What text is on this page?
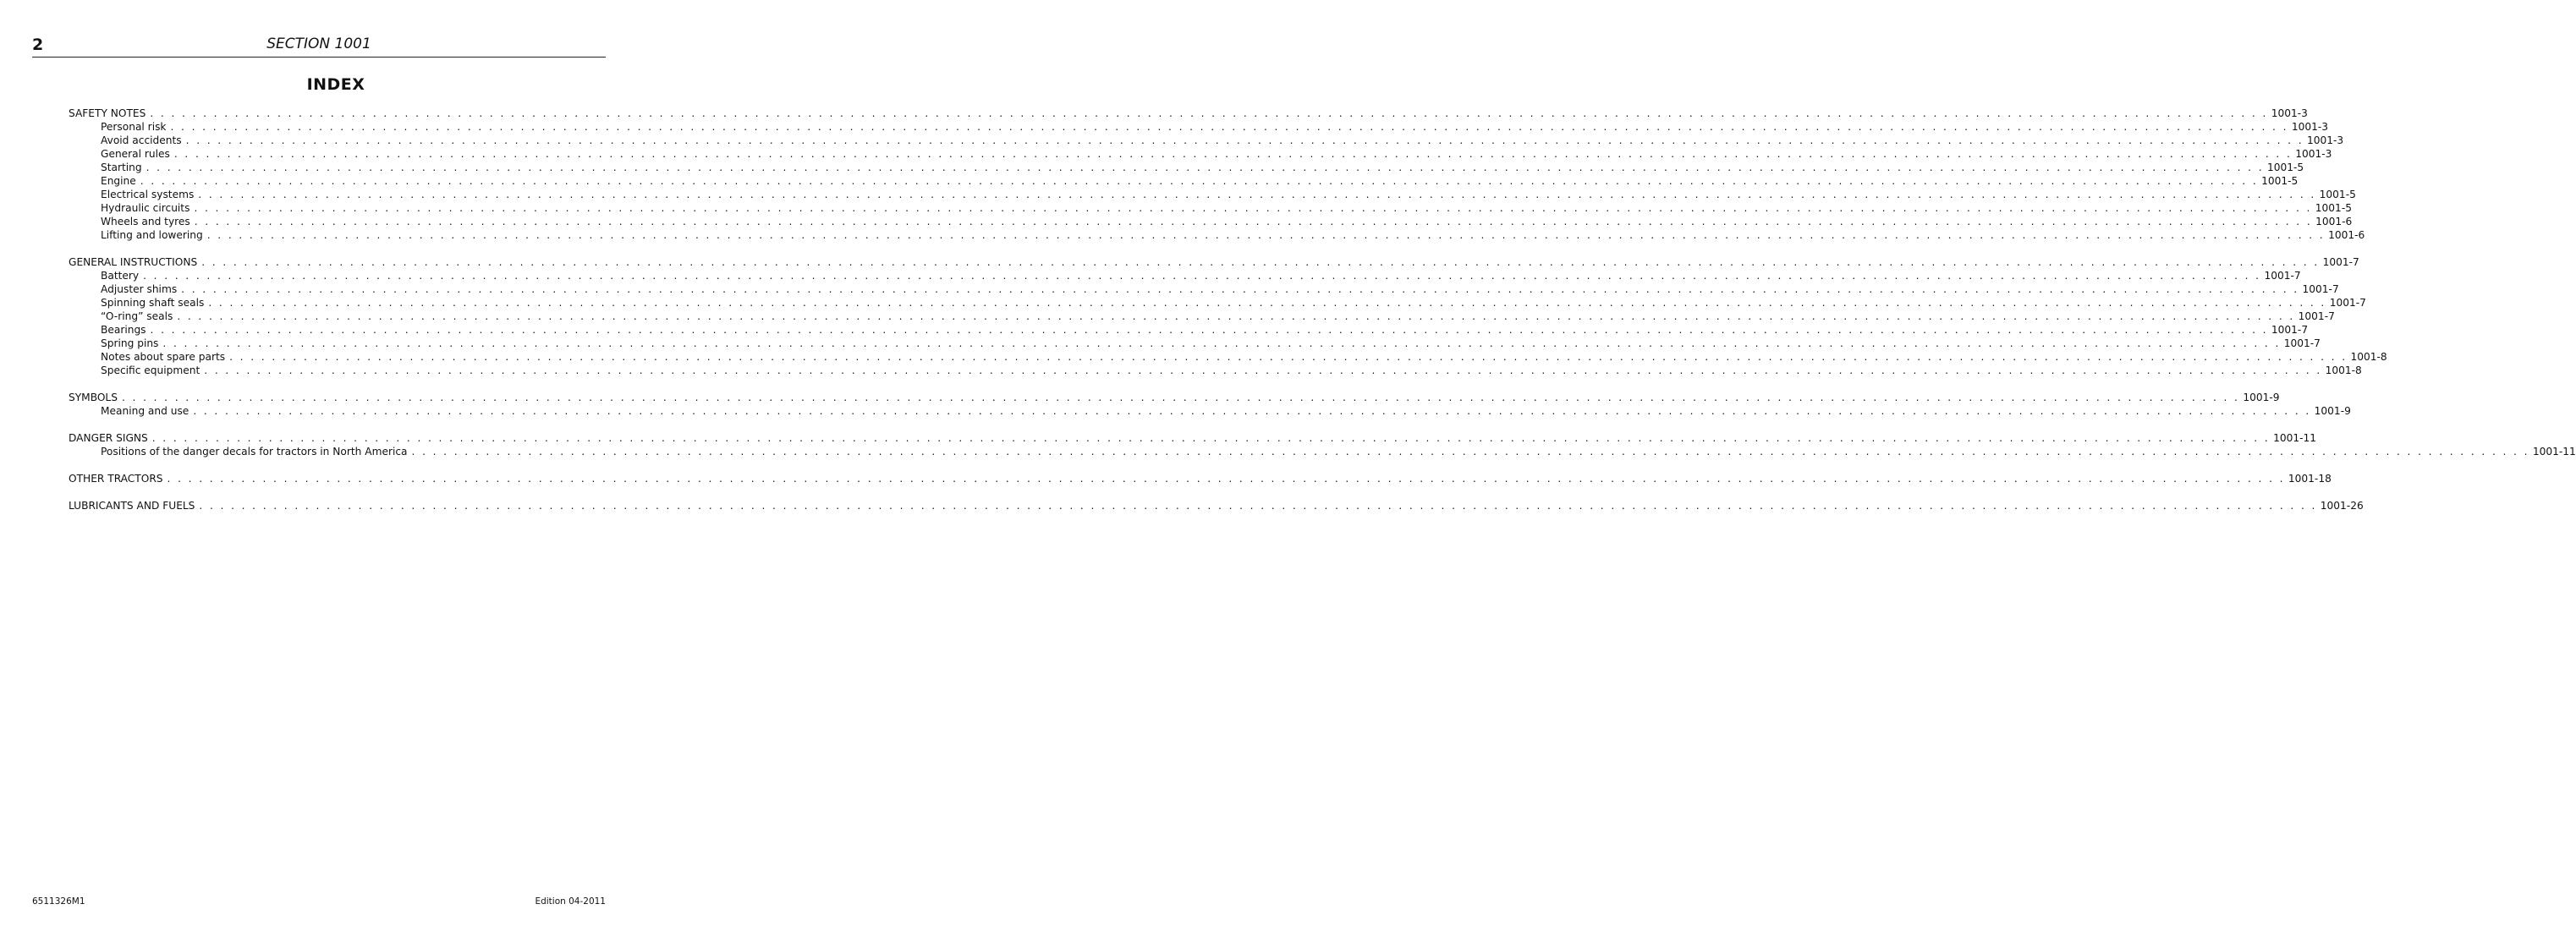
2	SECTION 1001
INDEX
SAFETY NOTES . . . . . . . . . . . . . . . . . . . . . . . . . . . . . . . . . . . . . . . . . . . . . . . . . . . . . . . . . . . . . . . . . . . . . . . . . . . . . . . . . . . . . . . . . . . . . . . . . . . . . . . . . . . . . . . . . . . . . . . . . . . . . . . . . . . . . . . . . . . . . . . . . . . . . . . . . . . . . . . . . . . . . . . . . . . . . . . . . . . . . . . . . . . . . . . . . . . . . . . . 1001-3
Personal risk . . . . . . . . . . . . . . . . . . . . . . . . . . . . . . . . . . . . . . . . . . . . . . . . . . . . . . . . . . . . . . . . . . . . . . . . . . . . . . . . . . . . . . . . . . . . . . . . . . . . . . . . . . . . . . . . . . . . . . . . . . . . . . . . . . . . . . . . . . . . . . . . . . . . . . . . . . . . . . . . . . . . . . . . . . . . . . . . . . . . . . . . . . . . . . . . . . . . . . . . 1001-3
Avoid accidents . . . . . . . . . . . . . . . . . . . . . . . . . . . . . . . . . . . . . . . . . . . . . . . . . . . . . . . . . . . . . . . . . . . . . . . . . . . . . . . . . . . . . . . . . . . . . . . . . . . . . . . . . . . . . . . . . . . . . . . . . . . . . . . . . . . . . . . . . . . . . . . . . . . . . . . . . . . . . . . . . . . . . . . . . . . . . . . . . . . . . . . . . . . . . . . . . . . . . . . . 1001-3
General rules . . . . . . . . . . . . . . . . . . . . . . . . . . . . . . . . . . . . . . . . . . . . . . . . . . . . . . . . . . . . . . . . . . . . . . . . . . . . . . . . . . . . . . . . . . . . . . . . . . . . . . . . . . . . . . . . . . . . . . . . . . . . . . . . . . . . . . . . . . . . . . . . . . . . . . . . . . . . . . . . . . . . . . . . . . . . . . . . . . . . . . . . . . . . . . . . . . . . . . . . 1001-3
Starting . . . . . . . . . . . . . . . . . . . . . . . . . . . . . . . . . . . . . . . . . . . . . . . . . . . . . . . . . . . . . . . . . . . . . . . . . . . . . . . . . . . . . . . . . . . . . . . . . . . . . . . . . . . . . . . . . . . . . . . . . . . . . . . . . . . . . . . . . . . . . . . . . . . . . . . . . . . . . . . . . . . . . . . . . . . . . . . . . . . . . . . . . . . . . . . . . . . . . . . . 1001-5
Engine . . . . . . . . . . . . . . . . . . . . . . . . . . . . . . . . . . . . . . . . . . . . . . . . . . . . . . . . . . . . . . . . . . . . . . . . . . . . . . . . . . . . . . . . . . . . . . . . . . . . . . . . . . . . . . . . . . . . . . . . . . . . . . . . . . . . . . . . . . . . . . . . . . . . . . . . . . . . . . . . . . . . . . . . . . . . . . . . . . . . . . . . . . . . . . . . . . . . . . . . 1001-5
Electrical systems . . . . . . . . . . . . . . . . . . . . . . . . . . . . . . . . . . . . . . . . . . . . . . . . . . . . . . . . . . . . . . . . . . . . . . . . . . . . . . . . . . . . . . . . . . . . . . . . . . . . . . . . . . . . . . . . . . . . . . . . . . . . . . . . . . . . . . . . . . . . . . . . . . . . . . . . . . . . . . . . . . . . . . . . . . . . . . . . . . . . . . . . . . . . . . . . . . . . . . . . 1001-5
Hydraulic circuits . . . . . . . . . . . . . . . . . . . . . . . . . . . . . . . . . . . . . . . . . . . . . . . . . . . . . . . . . . . . . . . . . . . . . . . . . . . . . . . . . . . . . . . . . . . . . . . . . . . . . . . . . . . . . . . . . . . . . . . . . . . . . . . . . . . . . . . . . . . . . . . . . . . . . . . . . . . . . . . . . . . . . . . . . . . . . . . . . . . . . . . . . . . . . . . . . . . . . . . . 1001-5
Wheels and tyres . . . . . . . . . . . . . . . . . . . . . . . . . . . . . . . . . . . . . . . . . . . . . . . . . . . . . . . . . . . . . . . . . . . . . . . . . . . . . . . . . . . . . . . . . . . . . . . . . . . . . . . . . . . . . . . . . . . . . . . . . . . . . . . . . . . . . . . . . . . . . . . . . . . . . . . . . . . . . . . . . . . . . . . . . . . . . . . . . . . . . . . . . . . . . . . . . . . . . . . . 1001-6
Lifting and lowering . . . . . . . . . . . . . . . . . . . . . . . . . . . . . . . . . . . . . . . . . . . . . . . . . . . . . . . . . . . . . . . . . . . . . . . . . . . . . . . . . . . . . . . . . . . . . . . . . . . . . . . . . . . . . . . . . . . . . . . . . . . . . . . . . . . . . . . . . . . . . . . . . . . . . . . . . . . . . . . . . . . . . . . . . . . . . . . . . . . . . . . . . . . . . . . . . . . . . . . . 1001-6
GENERAL INSTRUCTIONS . . . . . . . . . . . . . . . . . . . . . . . . . . . . . . . . . . . . . . . . . . . . . . . . . . . . . . . . . . . . . . . . . . . . . . . . . . . . . . . . . . . . . . . . . . . . . . . . . . . . . . . . . . . . . . . . . . . . . . . . . . . . . . . . . . . . . . . . . . . . . . . . . . . . . . . . . . . . . . . . . . . . . . . . . . . . . . . . . . . . . . . . . . . . . . . . . . . . . . . . 1001-7
Battery . . . . . . . . . . . . . . . . . . . . . . . . . . . . . . . . . . . . . . . . . . . . . . . . . . . . . . . . . . . . . . . . . . . . . . . . . . . . . . . . . . . . . . . . . . . . . . . . . . . . . . . . . . . . . . . . . . . . . . . . . . . . . . . . . . . . . . . . . . . . . . . . . . . . . . . . . . . . . . . . . . . . . . . . . . . . . . . . . . . . . . . . . . . . . . . . . . . . . . . . 1001-7
Adjuster shims . . . . . . . . . . . . . . . . . . . . . . . . . . . . . . . . . . . . . . . . . . . . . . . . . . . . . . . . . . . . . . . . . . . . . . . . . . . . . . . . . . . . . . . . . . . . . . . . . . . . . . . . . . . . . . . . . . . . . . . . . . . . . . . . . . . . . . . . . . . . . . . . . . . . . . . . . . . . . . . . . . . . . . . . . . . . . . . . . . . . . . . . . . . . . . . . . . . . . . . . 1001-7
Spinning shaft seals . . . . . . . . . . . . . . . . . . . . . . . . . . . . . . . . . . . . . . . . . . . . . . . . . . . . . . . . . . . . . . . . . . . . . . . . . . . . . . . . . . . . . . . . . . . . . . . . . . . . . . . . . . . . . . . . . . . . . . . . . . . . . . . . . . . . . . . . . . . . . . . . . . . . . . . . . . . . . . . . . . . . . . . . . . . . . . . . . . . . . . . . . . . . . . . . . . . . . . . . 1001-7
“O-ring” seals . . . . . . . . . . . . . . . . . . . . . . . . . . . . . . . . . . . . . . . . . . . . . . . . . . . . . . . . . . . . . . . . . . . . . . . . . . . . . . . . . . . . . . . . . . . . . . . . . . . . . . . . . . . . . . . . . . . . . . . . . . . . . . . . . . . . . . . . . . . . . . . . . . . . . . . . . . . . . . . . . . . . . . . . . . . . . . . . . . . . . . . . . . . . . . . . . . . . . . . . 1001-7
Bearings . . . . . . . . . . . . . . . . . . . . . . . . . . . . . . . . . . . . . . . . . . . . . . . . . . . . . . . . . . . . . . . . . . . . . . . . . . . . . . . . . . . . . . . . . . . . . . . . . . . . . . . . . . . . . . . . . . . . . . . . . . . . . . . . . . . . . . . . . . . . . . . . . . . . . . . . . . . . . . . . . . . . . . . . . . . . . . . . . . . . . . . . . . . . . . . . . . . . . . . . 1001-7
Spring pins . . . . . . . . . . . . . . . . . . . . . . . . . . . . . . . . . . . . . . . . . . . . . . . . . . . . . . . . . . . . . . . . . . . . . . . . . . . . . . . . . . . . . . . . . . . . . . . . . . . . . . . . . . . . . . . . . . . . . . . . . . . . . . . . . . . . . . . . . . . . . . . . . . . . . . . . . . . . . . . . . . . . . . . . . . . . . . . . . . . . . . . . . . . . . . . . . . . . . . . . 1001-7
Notes about spare parts . . . . . . . . . . . . . . . . . . . . . . . . . . . . . . . . . . . . . . . . . . . . . . . . . . . . . . . . . . . . . . . . . . . . . . . . . . . . . . . . . . . . . . . . . . . . . . . . . . . . . . . . . . . . . . . . . . . . . . . . . . . . . . . . . . . . . . . . . . . . . . . . . . . . . . . . . . . . . . . . . . . . . . . . . . . . . . . . . . . . . . . . . . . . . . . . . . . . . . . . 1001-8
Specific equipment . . . . . . . . . . . . . . . . . . . . . . . . . . . . . . . . . . . . . . . . . . . . . . . . . . . . . . . . . . . . . . . . . . . . . . . . . . . . . . . . . . . . . . . . . . . . . . . . . . . . . . . . . . . . . . . . . . . . . . . . . . . . . . . . . . . . . . . . . . . . . . . . . . . . . . . . . . . . . . . . . . . . . . . . . . . . . . . . . . . . . . . . . . . . . . . . . . . . . . . . 1001-8
SYMBOLS . . . . . . . . . . . . . . . . . . . . . . . . . . . . . . . . . . . . . . . . . . . . . . . . . . . . . . . . . . . . . . . . . . . . . . . . . . . . . . . . . . . . . . . . . . . . . . . . . . . . . . . . . . . . . . . . . . . . . . . . . . . . . . . . . . . . . . . . . . . . . . . . . . . . . . . . . . . . . . . . . . . . . . . . . . . . . . . . . . . . . . . . . . . . . . . . . . . . . . . . 1001-9
Meaning and use . . . . . . . . . . . . . . . . . . . . . . . . . . . . . . . . . . . . . . . . . . . . . . . . . . . . . . . . . . . . . . . . . . . . . . . . . . . . . . . . . . . . . . . . . . . . . . . . . . . . . . . . . . . . . . . . . . . . . . . . . . . . . . . . . . . . . . . . . . . . . . . . . . . . . . . . . . . . . . . . . . . . . . . . . . . . . . . . . . . . . . . . . . . . . . . . . . . . . . . . 1001-9
DANGER SIGNS . . . . . . . . . . . . . . . . . . . . . . . . . . . . . . . . . . . . . . . . . . . . . . . . . . . . . . . . . . . . . . . . . . . . . . . . . . . . . . . . . . . . . . . . . . . . . . . . . . . . . . . . . . . . . . . . . . . . . . . . . . . . . . . . . . . . . . . . . . . . . . . . . . . . . . . . . . . . . . . . . . . . . . . . . . . . . . . . . . . . . . . . . . . . . . . . . . . . . . . . 1001-11
Positions of the danger decals for tractors in North America . . . . . . . . . . . . . . . . . . . . . . . . . . . . . . . . . . . . . . . . . . . . . . . . . . . . . . . . . . . . . . . . . . . . . . . . . . . . . . . . . . . . . . . . . . . . . . . . . . . . . . . . . . . . . . . . . . . . . . . . . . . . . . . . . . . . . . . . . . . . . . . . . . . . . . . . . . . . . . . . . . . . . . . . . . . . . . . . . . . . . . . . . . . . . . . . . . . . . . . . 1001-11
OTHER TRACTORS . . . . . . . . . . . . . . . . . . . . . . . . . . . . . . . . . . . . . . . . . . . . . . . . . . . . . . . . . . . . . . . . . . . . . . . . . . . . . . . . . . . . . . . . . . . . . . . . . . . . . . . . . . . . . . . . . . . . . . . . . . . . . . . . . . . . . . . . . . . . . . . . . . . . . . . . . . . . . . . . . . . . . . . . . . . . . . . . . . . . . . . . . . . . . . . . . . . . . . . . 1001-18
LUBRICANTS AND FUELS . . . . . . . . . . . . . . . . . . . . . . . . . . . . . . . . . . . . . . . . . . . . . . . . . . . . . . . . . . . . . . . . . . . . . . . . . . . . . . . . . . . . . . . . . . . . . . . . . . . . . . . . . . . . . . . . . . . . . . . . . . . . . . . . . . . . . . . . . . . . . . . . . . . . . . . . . . . . . . . . . . . . . . . . . . . . . . . . . . . . . . . . . . . . . . . . . . . . . . . . 1001-26
6511326M1	Edition 04-2011
